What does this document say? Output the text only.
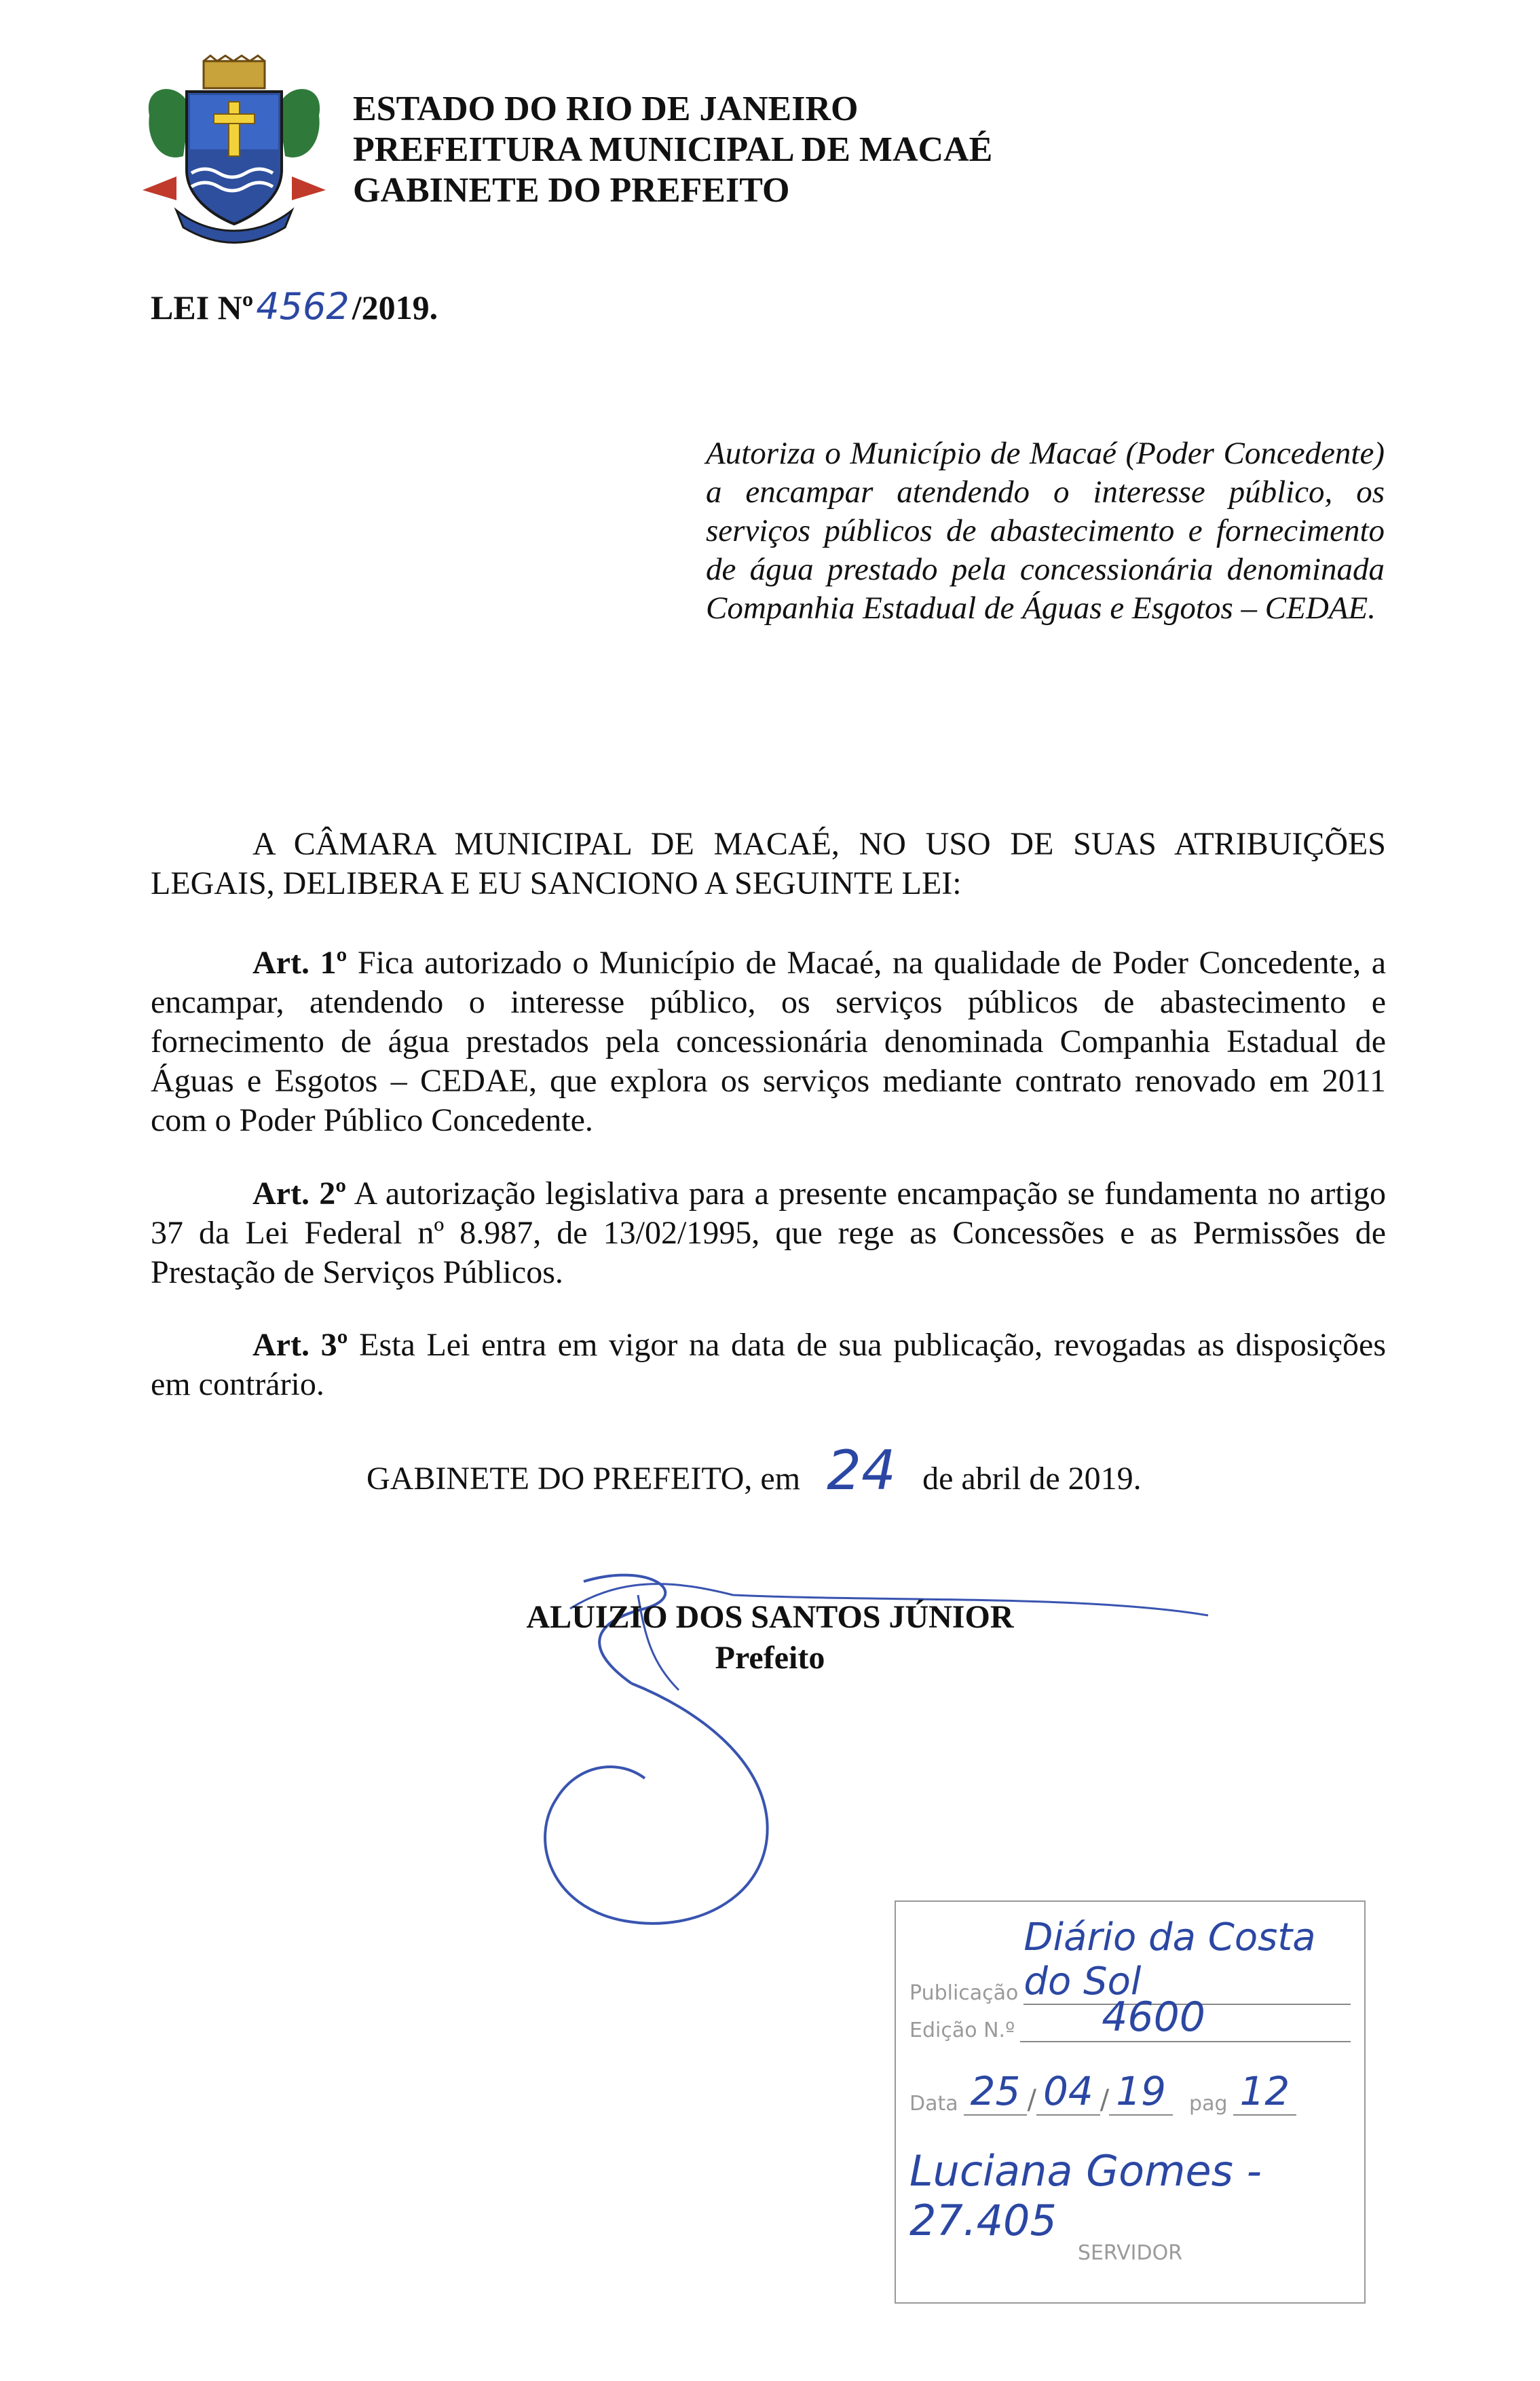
ESTADO DO RIO DE JANEIRO
PREFEITURA MUNICIPAL DE MACAÉ
GABINETE DO PREFEITO
LEI Nº 4562 /2019.
Autoriza o Município de Macaé (Poder Concedente) a encampar atendendo o interesse público, os serviços públicos de abastecimento e fornecimento de água prestado pela concessionária denominada Companhia Estadual de Águas e Esgotos – CEDAE.
A CÂMARA MUNICIPAL DE MACAÉ, NO USO DE SUAS ATRIBUIÇÕES LEGAIS, DELIBERA E EU SANCIONO A SEGUINTE LEI:
Art. 1º Fica autorizado o Município de Macaé, na qualidade de Poder Concedente, a encampar, atendendo o interesse público, os serviços públicos de abastecimento e fornecimento de água prestados pela concessionária denominada Companhia Estadual de Águas e Esgotos – CEDAE, que explora os serviços mediante contrato renovado em 2011 com o Poder Público Concedente.
Art. 2º A autorização legislativa para a presente encampação se fundamenta no artigo 37 da Lei Federal nº 8.987, de 13/02/1995, que rege as Concessões e as Permissões de Prestação de Serviços Públicos.
Art. 3º Esta Lei entra em vigor na data de sua publicação, revogadas as disposições em contrário.
GABINETE DO PREFEITO, em 24 de abril de 2019.
ALUIZIO DOS SANTOS JÚNIOR
Prefeito
Publicação
Diário da Costa do Sol
Edição N.º	4600
Data 25 / 04 / 19	pag 12
Luciana Gomes - 27.405
SERVIDOR
